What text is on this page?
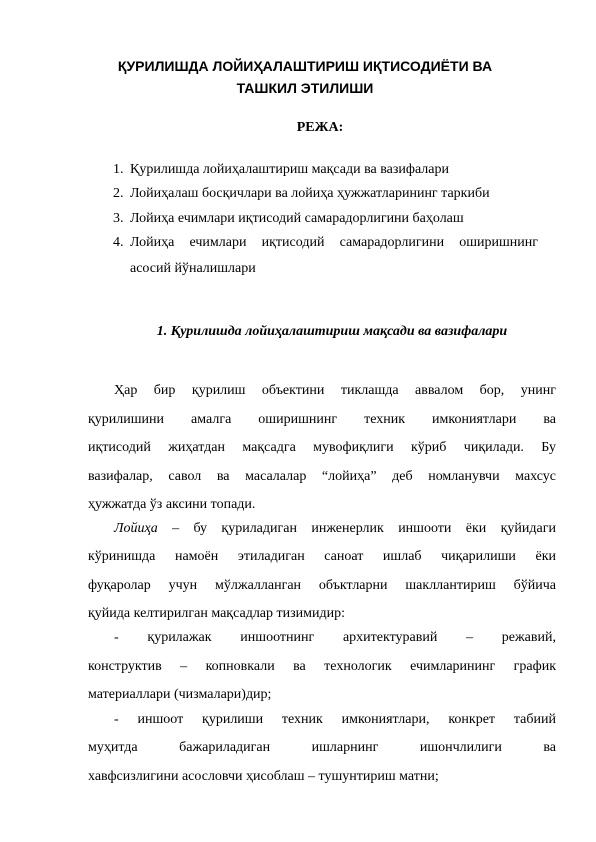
ҚУРИЛИШДА ЛОЙИҲАЛАШТИРИШ ИҚТИСОДИЁТИ ВА
ТАШКИЛ ЭТИЛИШИ
РЕЖА:
1. Қурилишда лойиҳалаштириш мақсади ва вазифалари
2. Лойиҳалаш босқичлари ва лойиҳа ҳужжатларининг таркиби
3. Лойиҳа ечимлари иқтисодий самарадорлигини баҳолаш
4. Лойиҳа ечимлари иқтисодий самарадорлигини оширишнинг
асосий йўналишлари
1. Қурилишда лойиҳалаштириш мақсади ва вазифалари
Ҳар бир қурилиш объектини тиклашда аввалом бор, унинг
қурилишини амалга оширишнинг техник имкониятлари ва
иқтисодий жиҳатдан мақсадга мувофиқлиги кўриб чиқилади. Бу
вазифалар, савол ва масалалар “лойиҳа” деб номланувчи махсус
ҳужжатда ўз аксини топади.
Лойиҳа – бу қуриладиган инженерлик иншооти ёки қуйидаги
кўринишда намоён этиладиган саноат ишлаб чиқарилиши ёки
фуқаролар учун мўлжалланган объктларни шакллантириш бўйича
қуйида келтирилган мақсадлар тизимидир:
- қурилажак иншоотнинг архитектуравий – режавий,
конструктив – копновкали ва технологик ечимларининг график
материаллари (чизмалари)дир;
- иншоот қурилиши техник имкониятлари, конкрет табиий
муҳитда бажариладиган ишларнинг ишончлилиги ва
хавфсизлигини асословчи ҳисоблаш – тушунтириш матни;
